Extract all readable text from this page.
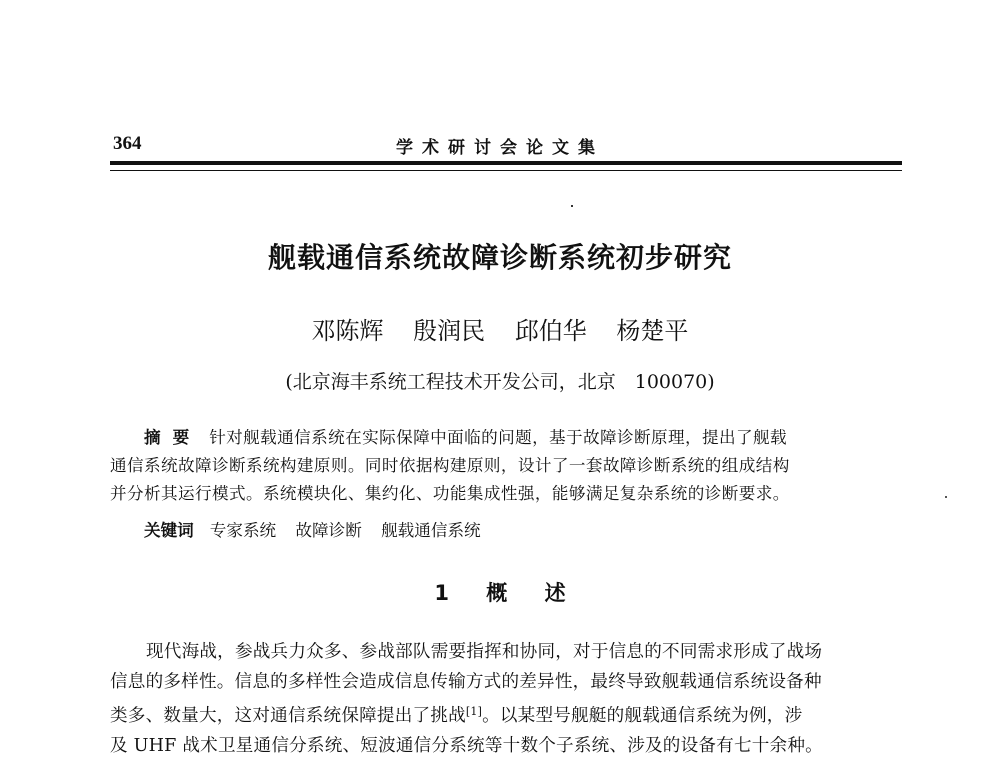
364	学术研讨会论文集
舰载通信系统故障诊断系统初步研究
邓陈辉 殷润民 邱伯华 杨楚平
(北京海丰系统工程技术开发公司，北京　100070)
摘要 针对舰载通信系统在实际保障中面临的问题，基于故障诊断原理，提出了舰载
通信系统故障诊断系统构建原则。同时依据构建原则，设计了一套故障诊断系统的组成结构
并分析其运行模式。系统模块化、集约化、功能集成性强，能够满足复杂系统的诊断要求。
关键词 专家系统 故障诊断 舰载通信系统
1 概 述
现代海战，参战兵力众多、参战部队需要指挥和协同，对于信息的不同需求形成了战场
信息的多样性。信息的多样性会造成信息传输方式的差异性，最终导致舰载通信系统设备种
类多、数量大，这对通信系统保障提出了挑战[1]。以某型号舰艇的舰载通信系统为例，涉
及 UHF 战术卫星通信分系统、短波通信分系统等十数个子系统、涉及的设备有七十余种。
